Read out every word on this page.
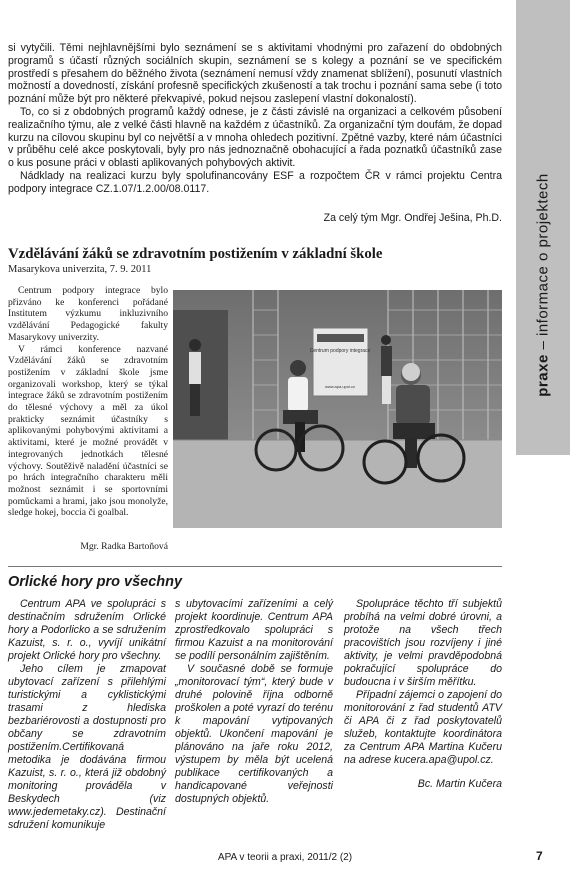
praxe – informace o projektech

si vytyčili. Těmi nejhlavnějšími bylo seznámení se s aktivitami vhodnými pro zařazení do obdobných programů s účastí různých sociálních skupin, seznámení se s kolegy a poznání se ve specifickém prostředí s přesahem do běžného života (seznámení nemusí vždy znamenat sblížení), posunutí vlastních možností a dovedností, získání profesně specifických zkušeností a tak trochu i poznání sama sebe (i toto poznání může být pro některé překvapivé, pokud nejsou zaslepení vlastní dokonalostí).

To, co si z obdobných programů každý odnese, je z části závislé na organizaci a celkovém působení realizačního týmu, ale z velké části hlavně na každém z účastníků. Za organizační tým doufám, že dopad kurzu na cílovou skupinu byl co největší a v mnoha ohledech pozitivní. Zpětné vazby, které nám účastníci v průběhu celé akce poskytovali, byly pro nás jednoznačně obohacující a řada poznatků účastníků zase o kus posune práci v oblasti aplikovaných pohybových aktivit.

Nádklady na realizaci kurzu byly spolufinancovány ESF a rozpočtem ČR v rámci projektu Centra podpory integrace CZ.1.07/1.2.00/08.0117.

Za celý tým Mgr. Ondřej Ješina, Ph.D.
Vzdělávání žáků se zdravotním postižením v základní škole
Masarykova univerzita, 7. 9. 2011

Centrum podpory integrace bylo přizváno ke konferenci pořádané Institutem výzkumu inkluzivního vzdělávání Pedagogické fakulty Masarykovy univerzity.

V rámci konference nazvané Vzdělávání žáků se zdravotním postižením v základní škole jsme organizovali workshop, který se týkal integrace žáků se zdravotním postižením do tělesné výchovy a měl za úkol prakticky seznámit účastníky s aplikovanými pohybovými aktivitami a aktivitami, které je možné provádět v integrovaných jednotkách tělesné výchovy. Soutěživě naladění účastníci se po hrách integračního charakteru měli možnost seznámit i se sportovními pomůckami a hrami, jako jsou monolyže, sledge hokej, boccia či goalbal.

Mgr. Radka Bartoňová
Centrum podpory integrace
www.apa.upol.cz
Orlické hory pro všechny

Centrum APA ve spolupráci s destinačním sdružením Orlické hory a Podorlicko a se sdružením Kazuist, s. r. o., vyvíjí unikátní projekt Orlické hory pro všechny.

Jeho cílem je zmapovat ubytovací zařízení s přilehlými turistickými a cyklistickými trasami z hlediska bezbariérovosti a dostupnosti pro občany se zdravotním postižením.Certifikovaná metodika je dodávána firmou Kazuist, s. r. o., která již obdobný monitoring prováděla v Beskydech (viz www.jedemetaky.cz). Destinační sdružení komunikuje

s ubytovacími zařízeními a celý projekt koordinuje. Centrum APA zprostředkovalo spolupráci s firmou Kazuist a na monitorování se podílí personálním zajištěním.

V současné době se formuje „monitorovací tým“, který bude v druhé polovině října odborně proškolen a poté vyrazí do terénu k mapování vytipovaných objektů. Ukončení mapování je plánováno na jaře roku 2012, výstupem by měla být ucelená publikace certifikovaných a handicapované veřejnosti dostupných objektů.

Spolupráce těchto tří subjektů probíhá na velmi dobré úrovni, a protože na všech třech pracovištích jsou rozvíjeny i jiné aktivity, je velmi pravděpodobná pokračující spolupráce do budoucna i v širším měřítku.

Případní zájemci o zapojení do monitorování z řad studentů ATV či APA či z řad poskytovatelů služeb, kontaktujte koordinátora za Centrum APA Martina Kučeru na adrese kucera.apa@upol.cz.

Bc. Martin Kučera

APA v teorii a praxi, 2011/2 (2)	7
